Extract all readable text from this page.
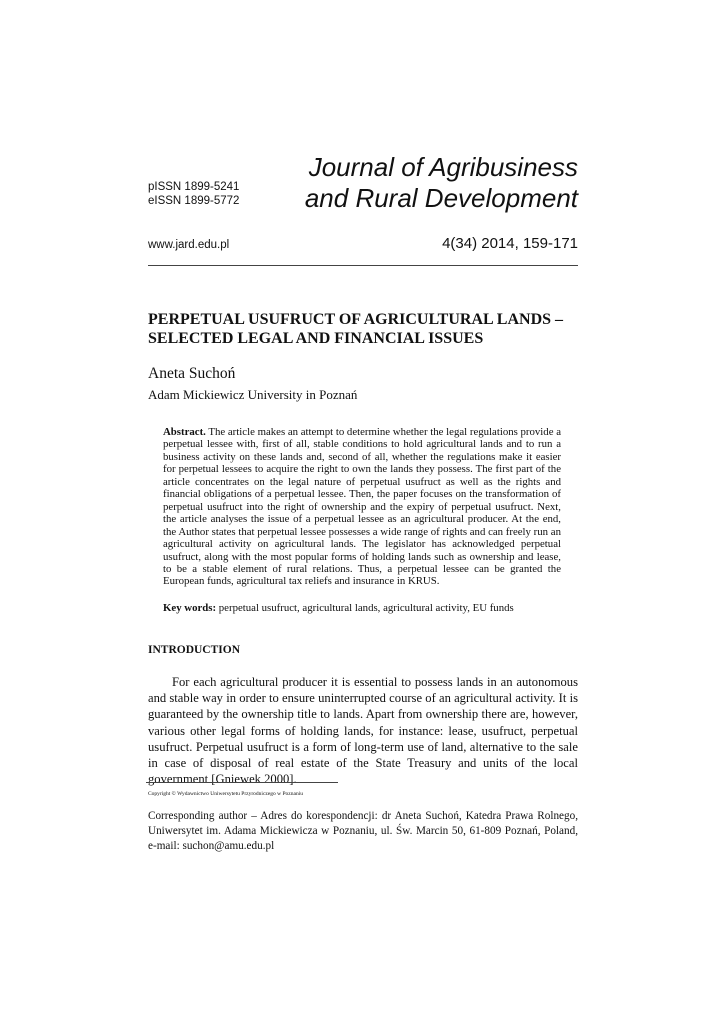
pISSN 1899-5241
eISSN 1899-5772
Journal of Agribusiness
and Rural Development
www.jard.edu.pl	4(34) 2014, 159-171
PERPETUAL USUFRUCT OF AGRICULTURAL LANDS –
SELECTED LEGAL AND FINANCIAL ISSUES
Aneta Suchoń
Adam Mickiewicz University in Poznań

Abstract. The article makes an attempt to determine whether the legal regulations provide a perpetual lessee with, first of all, stable conditions to hold agricultural lands and to run a business activity on these lands and, second of all, whether the regulations make it easier for perpetual lessees to acquire the right to own the lands they possess. The first part of the article concentrates on the legal nature of perpetual usufruct as well as the rights and financial obligations of a perpetual lessee. Then, the paper focuses on the transformation of perpetual usufruct into the right of ownership and the expiry of perpetual usufruct. Next, the article analyses the issue of a perpetual lessee as an agricultural producer. At the end, the Author states that perpetual lessee possesses a wide range of rights and can freely run an agricultural activity on agricultural lands. The legislator has acknowledged perpetual usufruct, along with the most popular forms of holding lands such as ownership and lease, to be a stable element of rural relations. Thus, a perpetual lessee can be granted the European funds, agricultural tax reliefs and insurance in KRUS.

Key words: perpetual usufruct, agricultural lands, agricultural activity, EU funds
INTRODUCTION

For each agricultural producer it is essential to possess lands in an autonomous and stable way in order to ensure uninterrupted course of an agricultural activity. It is guaranteed by the ownership title to lands. Apart from ownership there are, however, various other legal forms of holding lands, for instance: lease, usufruct, perpetual usufruct. Perpetual usufruct is a form of long-term use of land, alternative to the sale in case of disposal of real estate of the State Treasury and units of the local government [Gniewek 2000].

Copyright © Wydawnictwo Uniwersytetu Przyrodniczego w Poznaniu

Corresponding author – Adres do korespondencji: dr Aneta Suchoń, Katedra Prawa Rolnego, Uniwersytet im. Adama Mickiewicza w Poznaniu, ul. Św. Marcin 50, 61-809 Poznań, Poland, e-mail: suchon@amu.edu.pl
